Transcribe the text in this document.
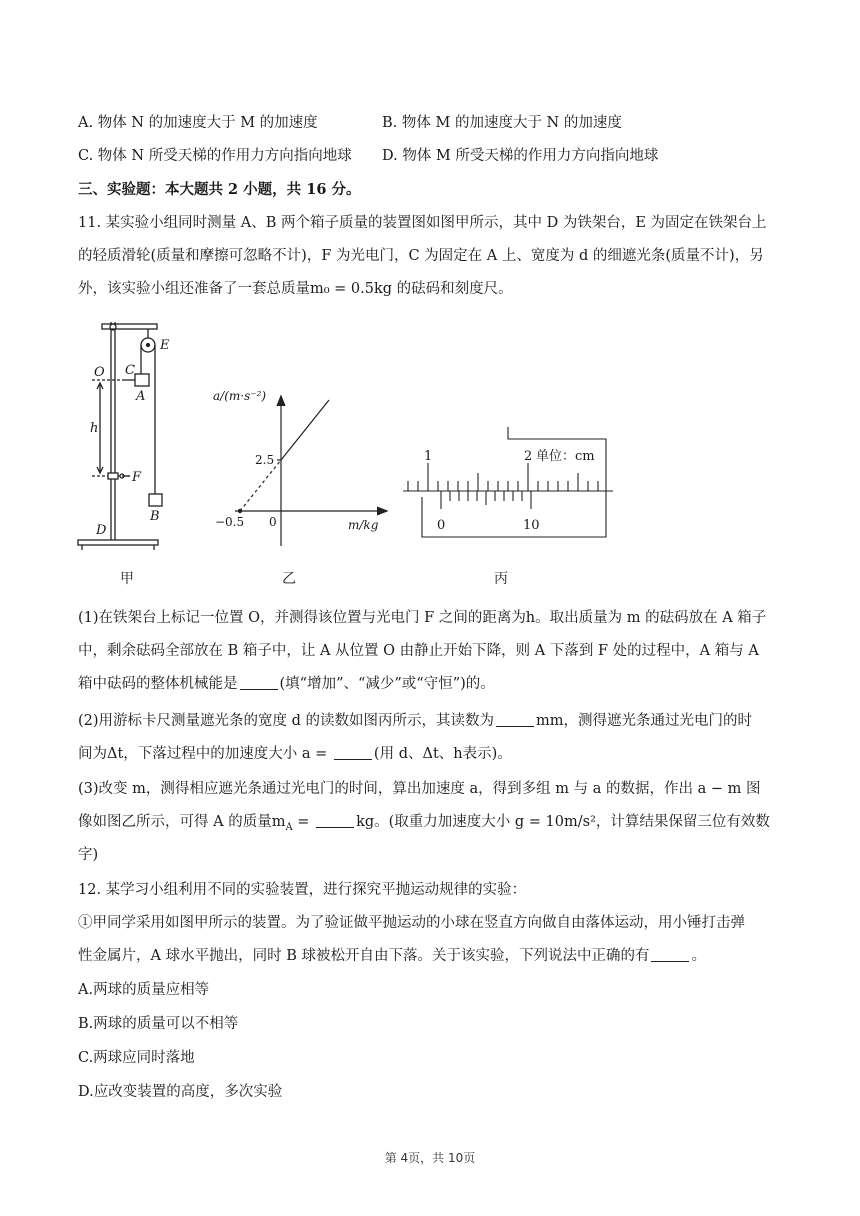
A. 物体 N 的加速度大于 M 的加速度	B. 物体 M 的加速度大于 N 的加速度
C. 物体 N 所受天梯的作用力方向指向地球 D. 物体 M 所受天梯的作用力方向指向地球
三、实验题：本大题共 2 小题，共 16 分。
11. 某实验小组同时测量 A、B 两个箱子质量的装置图如图甲所示，其中 D 为铁架台，E 为固定在铁架台上
的轻质滑轮(质量和摩擦可忽略不计)，F 为光电门，C 为固定在 A 上、宽度为 d 的细遮光条(质量不计)，另
外，该实验小组还准备了一套总质量m₀ = 0.5kg 的砝码和刻度尺。
E
O C
A
h
F
B
D
甲
a/(m·s⁻²)
2.5
−0.5 0	m/kg
乙
1	2 单位：cm
0	10
丙
(1)在铁架台上标记一位置 O，并测得该位置与光电门 F 之间的距离为h。取出质量为 m 的砝码放在 A 箱子
中，剩余砝码全部放在 B 箱子中，让 A 从位置 O 由静止开始下降，则 A 下落到 F 处的过程中，A 箱与 A
箱中砝码的整体机械能是	(填“增加”、“减少”或“守恒”)的。
(2)用游标卡尺测量遮光条的宽度 d 的读数如图丙所示，其读数为	mm，测得遮光条通过光电门的时
间为Δt，下落过程中的加速度大小 a =	(用 d、Δt、h表示)。
(3)改变 m，测得相应遮光条通过光电门的时间，算出加速度 a，得到多组 m 与 a 的数据，作出 a − m 图
像如图乙所示，可得 A 的质量$m_A$ =	kg。(取重力加速度大小 g = 10m/s²，计算结果保留三位有效数
字)
12. 某学习小组利用不同的实验装置，进行探究平抛运动规律的实验：
①甲同学采用如图甲所示的装置。为了验证做平抛运动的小球在竖直方向做自由落体运动，用小锤打击弹
性金属片，A 球水平抛出，同时 B 球被松开自由下落。关于该实验，下列说法中正确的有	。
A.两球的质量应相等
B.两球的质量可以不相等
C.两球应同时落地
D.应改变装置的高度，多次实验
第 4页，共 10页
